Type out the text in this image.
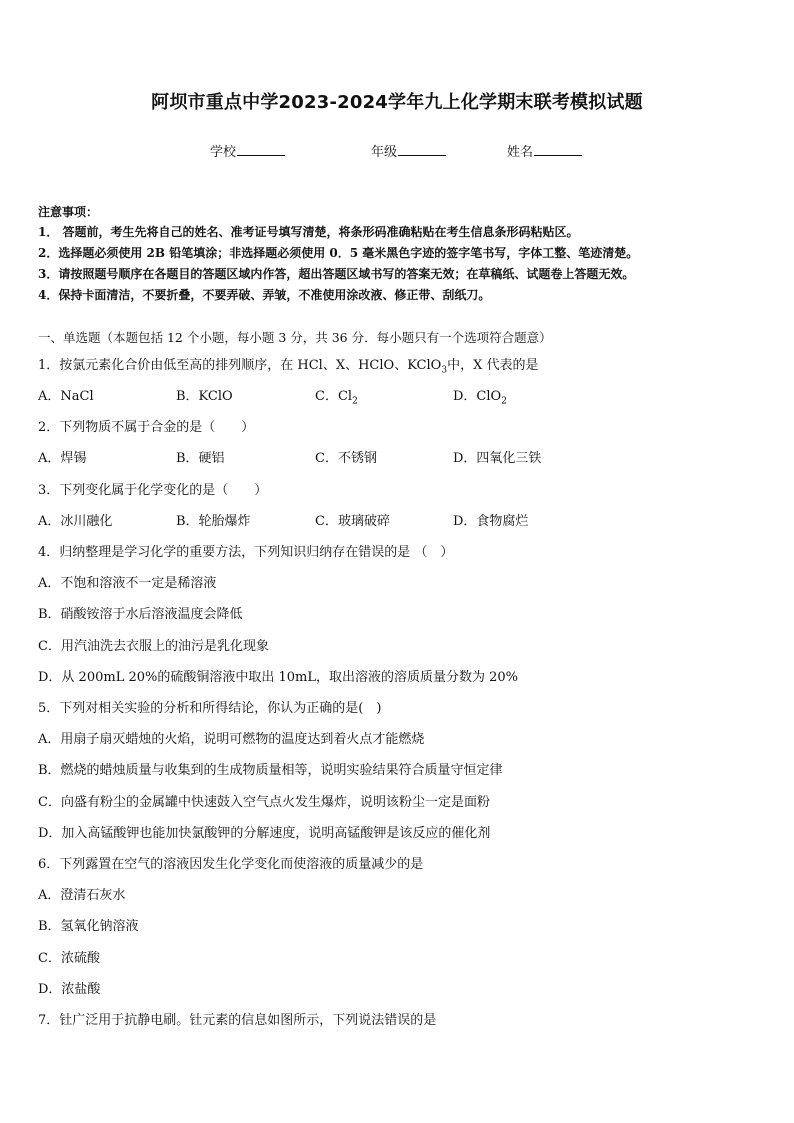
阿坝市重点中学2023-2024学年九上化学期末联考模拟试题
学校	年级	姓名
注意事项：
1． 答题前，考生先将自己的姓名、准考证号填写清楚，将条形码准确粘贴在考生信息条形码粘贴区。
2．选择题必须使用 2B 铅笔填涂；非选择题必须使用 0．5 毫米黑色字迹的签字笔书写，字体工整、笔迹清楚。
3．请按照题号顺序在各题目的答题区域内作答，超出答题区域书写的答案无效；在草稿纸、试题卷上答题无效。
4．保持卡面清洁，不要折叠，不要弄破、弄皱，不准使用涂改液、修正带、刮纸刀。
一、单选题（本题包括 12 个小题，每小题 3 分，共 36 分．每小题只有一个选项符合题意）
1．按氯元素化合价由低至高的排列顺序，在 HCl、X、HClO、KClO$_3$中，X 代表的是
A．NaCl	B．KClO	C．$Cl_2$	D．ClO$_2$
2．下列物质不属于合金的是（　　）
A．焊锡	B．硬铝	C．不锈钢	D．四氧化三铁
3．下列变化属于化学变化的是（　　）
A．冰川融化	B．轮胎爆炸	C．玻璃破碎	D．食物腐烂
4．归纳整理是学习化学的重要方法，下列知识归纳存在错误的是 （　）
A．不饱和溶液不一定是稀溶液
B．硝酸铵溶于水后溶液温度会降低
C．用汽油洗去衣服上的油污是乳化现象
D．从 200mL 20%的硫酸铜溶液中取出 10mL，取出溶液的溶质质量分数为 20%
5．下列对相关实验的分析和所得结论，你认为正确的是(　)
A．用扇子扇灭蜡烛的火焰，说明可燃物的温度达到着火点才能燃烧
B．燃烧的蜡烛质量与收集到的生成物质量相等，说明实验结果符合质量守恒定律
C．向盛有粉尘的金属罐中快速鼓入空气点火发生爆炸，说明该粉尘一定是面粉
D．加入高锰酸钾也能加快氯酸钾的分解速度，说明高锰酸钾是该反应的催化剂
6．下列露置在空气的溶液因发生化学变化而使溶液的质量减少的是
A．澄清石灰水
B．氢氧化钠溶液
C．浓硫酸
D．浓盐酸
7．钍广泛用于抗静电刷。钍元素的信息如图所示，下列说法错误的是
